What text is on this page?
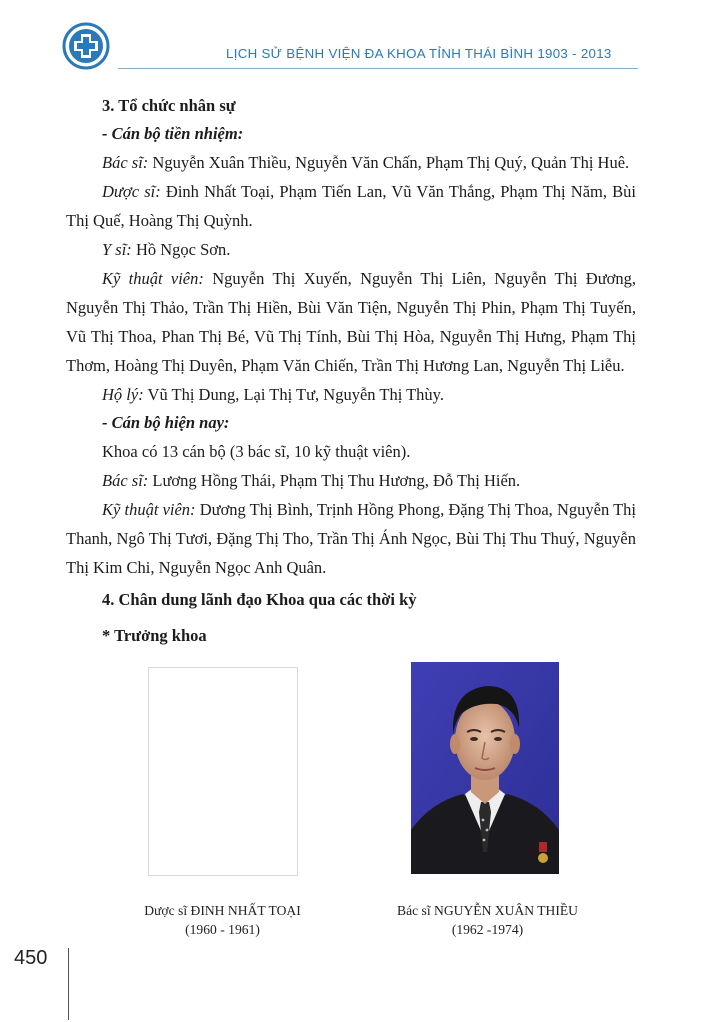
LỊCH SỬ BỆNH VIỆN ĐA KHOA TỈNH THÁI BÌNH 1903 - 2013
3. Tổ chức nhân sự
- Cán bộ tiền nhiệm:

Bác sĩ: Nguyễn Xuân Thiều, Nguyễn Văn Chấn, Phạm Thị Quý, Quản Thị Huê.

Dược sĩ: Đinh Nhất Toại, Phạm Tiến Lan, Vũ Văn Thắng, Phạm Thị Năm, Bùi Thị Quế, Hoàng Thị Quỳnh.

Y sĩ: Hồ Ngọc Sơn.

Kỹ thuật viên: Nguyễn Thị Xuyến, Nguyễn Thị Liên, Nguyễn Thị Đương, Nguyễn Thị Thảo, Trần Thị Hiền, Bùi Văn Tiện, Nguyễn Thị Phin, Phạm Thị Tuyến, Vũ Thị Thoa, Phan Thị Bé, Vũ Thị Tính, Bùi Thị Hòa, Nguyễn Thị Hưng, Phạm Thị Thơm, Hoàng Thị Duyên, Phạm Văn Chiến, Trần Thị Hương Lan, Nguyễn Thị Liễu.

Hộ lý: Vũ Thị Dung, Lại Thị Tư, Nguyễn Thị Thùy.

- Cán bộ hiện nay:

Khoa có 13 cán bộ (3 bác sĩ, 10 kỹ thuật viên).

Bác sĩ: Lương Hồng Thái, Phạm Thị Thu Hương, Đỗ Thị Hiến.

Kỹ thuật viên: Dương Thị Bình, Trịnh Hồng Phong, Đặng Thị Thoa, Nguyễn Thị Thanh, Ngô Thị Tươi, Đặng Thị Tho, Trần Thị Ánh Ngọc, Bùi Thị Thu Thuý, Nguyễn Thị Kim Chi, Nguyễn Ngọc Anh Quân.

4. Chân dung lãnh đạo Khoa qua các thời kỳ
* Trưởng khoa
Dược sĩ ĐINH NHẤT TOẠI
(1960 - 1961)
Bác sĩ NGUYỄN XUÂN THIỀU
(1962 -1974)
450
